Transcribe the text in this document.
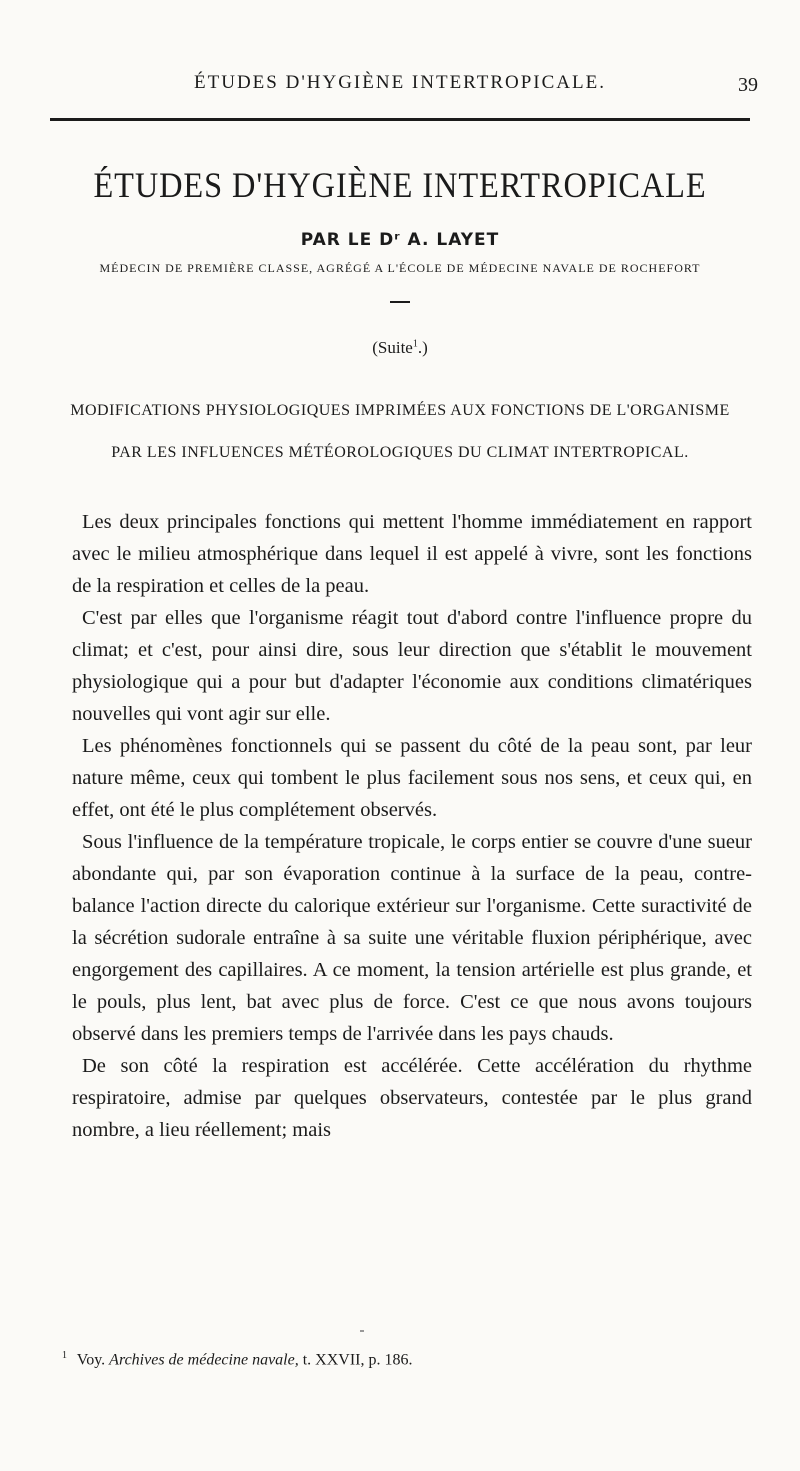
ÉTUDES D'HYGIÈNE INTERTROPICALE.	39
ÉTUDES D'HYGIÈNE INTERTROPICALE
PAR LE Dʳ A. LAYET
MÉDECIN DE PREMIÈRE CLASSE, AGRÉGÉ A L'ÉCOLE DE MÉDECINE NAVALE DE ROCHEFORT
(Suite$^1$.)
MODIFICATIONS PHYSIOLOGIQUES IMPRIMÉES AUX FONCTIONS DE L'ORGANISME
PAR LES INFLUENCES MÉTÉOROLOGIQUES DU CLIMAT INTERTROPICAL.

Les deux principales fonctions qui mettent l'homme immédiatement en rapport avec le milieu atmosphérique dans lequel il est appelé à vivre, sont les fonctions de la respiration et celles de la peau.

C'est par elles que l'organisme réagit tout d'abord contre l'influence propre du climat; et c'est, pour ainsi dire, sous leur direction que s'établit le mouvement physiologique qui a pour but d'adapter l'économie aux conditions climatériques nouvelles qui vont agir sur elle.

Les phénomènes fonctionnels qui se passent du côté de la peau sont, par leur nature même, ceux qui tombent le plus facilement sous nos sens, et ceux qui, en effet, ont été le plus complétement observés.

Sous l'influence de la température tropicale, le corps entier se couvre d'une sueur abondante qui, par son évaporation continue à la surface de la peau, contre-balance l'action directe du calorique extérieur sur l'organisme. Cette suractivité de la sécrétion sudorale entraîne à sa suite une véritable fluxion périphérique, avec engorgement des capillaires. A ce moment, la tension artérielle est plus grande, et le pouls, plus lent, bat avec plus de force. C'est ce que nous avons toujours observé dans les premiers temps de l'arrivée dans les pays chauds.

De son côté la respiration est accélérée. Cette accélération du rhythme respiratoire, admise par quelques observateurs, contestée par le plus grand nombre, a lieu réellement; mais

$^1$ Voy. Archives de médecine navale, t. XXVII, p. 186.
